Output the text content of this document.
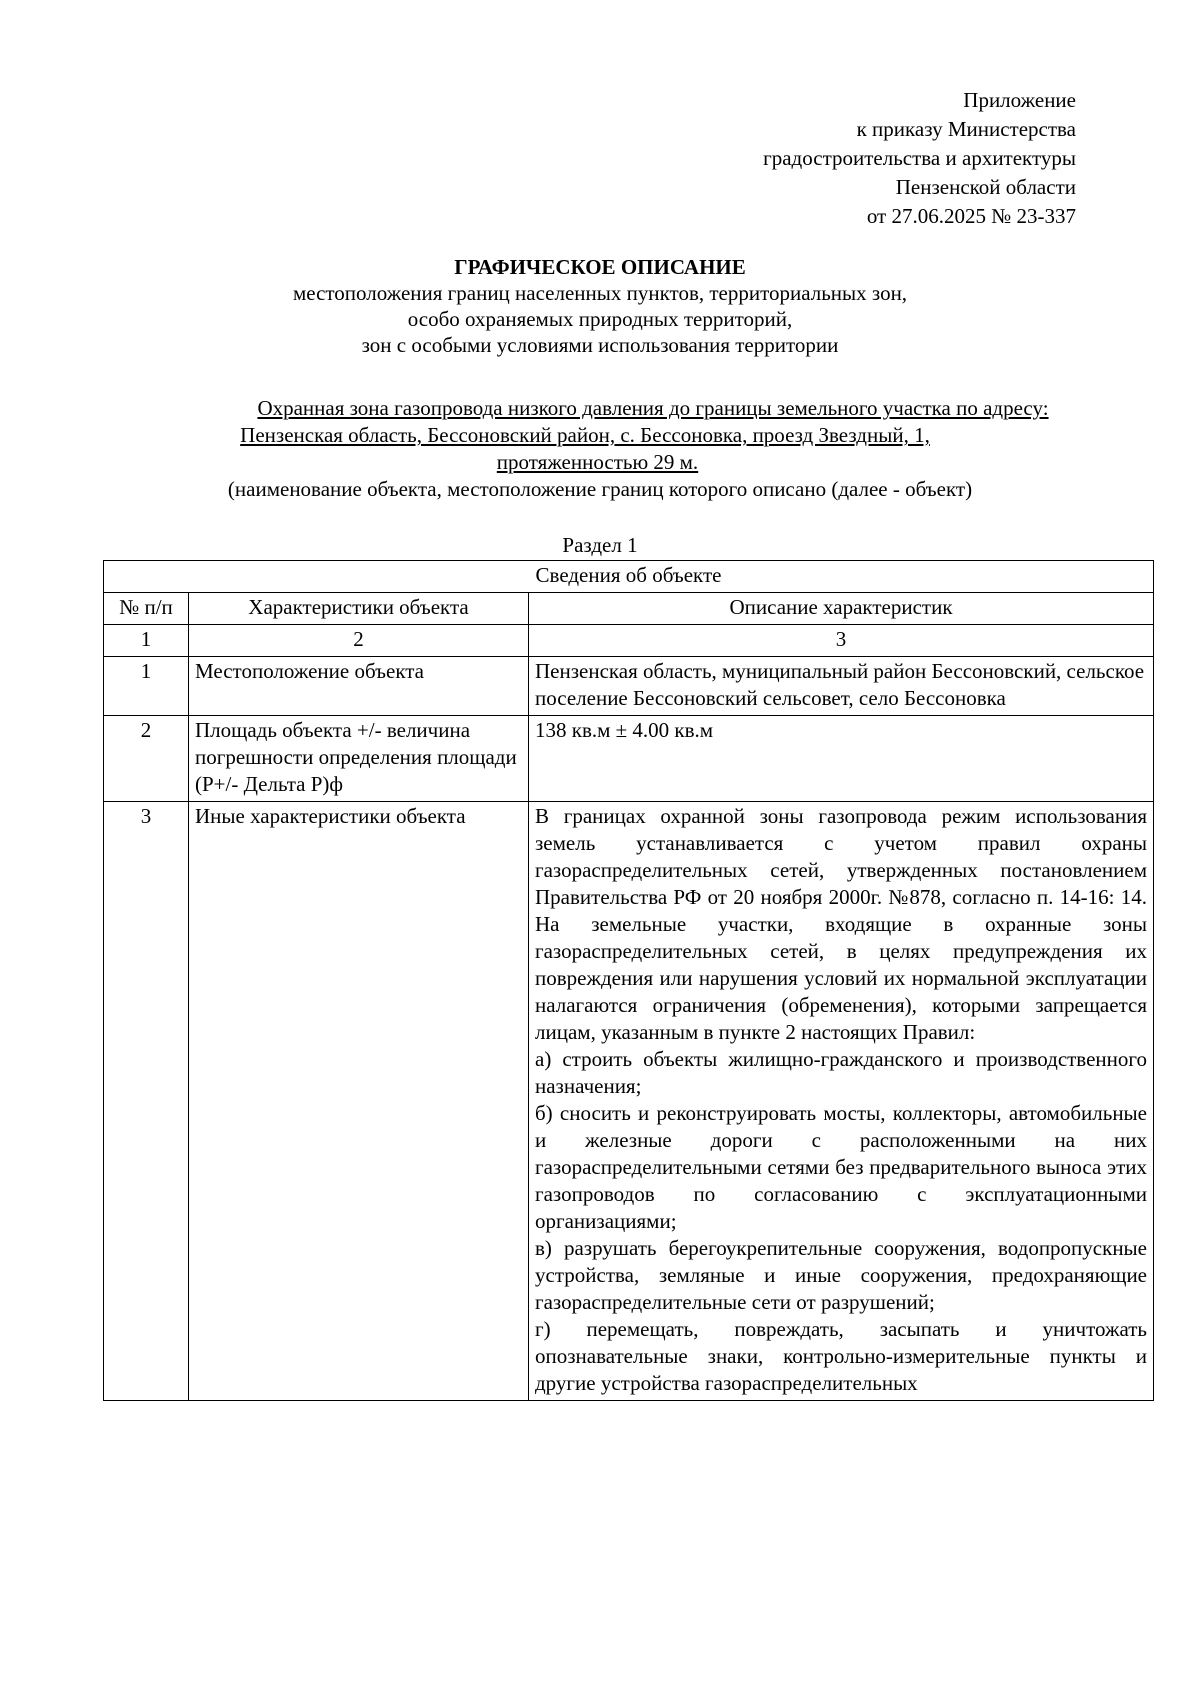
Приложение
к приказу Министерства
градостроительства и архитектуры
Пензенской области
от 27.06.2025 № 23-337
ГРАФИЧЕСКОЕ ОПИСАНИЕ
местоположения границ населенных пунктов, территориальных зон,
особо охраняемых природных территорий,
зон с особыми условиями использования территории
Охранная зона газопровода низкого давления до границы земельного участка по адресу:
Пензенская область, Бессоновский район, с. Бессоновка, проезд Звездный, 1,
протяженностью 29 м.
(наименование объекта, местоположение границ которого описано (далее - объект)
Раздел 1
Сведения об объекте		
№ п/п	Характеристики объекта	Описание характеристик
1	2	3
1	Местоположение объекта	Пензенская область, муниципальный район Бессоновский, сельское поселение Бессоновский сельсовет, село Бессоновка
2	Площадь объекта +/- величина погрешности определения площади (P+/- Дельта P)ф	138 кв.м ± 4.00 кв.м
3	Иные характеристики объекта	В границах охранной зоны газопровода режим использования земель устанавливается с учетом правил охраны газораспределительных сетей, утвержденных постановлением Правительства РФ от 20 ноября 2000г. №878, согласно п. 14-16: 14. На земельные участки, входящие в охранные зоны газораспределительных сетей, в целях предупреждения их повреждения или нарушения условий их нормальной эксплуатации налагаются ограничения (обременения), которыми запрещается лицам, указанным в пункте 2 настоящих Правил:

а) строить объекты жилищно-гражданского и производственного назначения;

б) сносить и реконструировать мосты, коллекторы, автомобильные и железные дороги с расположенными на них газораспределительными сетями без предварительного выноса этих газопроводов по согласованию с эксплуатационными организациями;

в) разрушать берегоукрепительные сооружения, водопропускные устройства, земляные и иные сооружения, предохраняющие газораспределительные сети от разрушений;

г) перемещать, повреждать, засыпать и уничтожать опознавательные знаки, контрольно-измерительные пункты и другие устройства газораспределительных
